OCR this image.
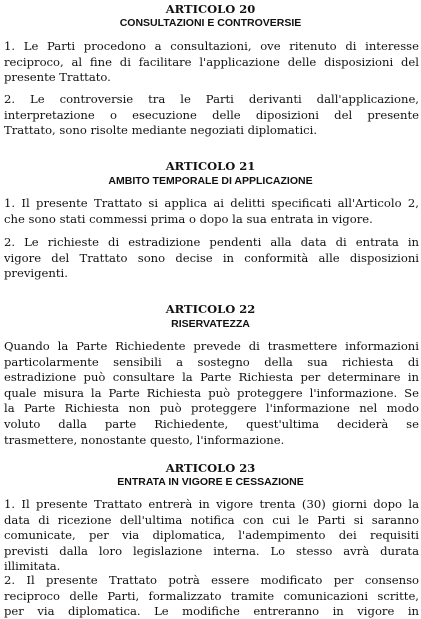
ARTICOLO 20
CONSULTAZIONI E CONTROVERSIE

1. Le Parti procedono a consultazioni, ove ritenuto di interesse
reciproco, al fine di facilitare l'applicazione delle disposizioni del
presente Trattato.

2. Le controversie tra le Parti derivanti dall'applicazione,
interpretazione o esecuzione delle diposizioni del presente
Trattato, sono risolte mediante negoziati diplomatici.

ARTICOLO 21
AMBITO TEMPORALE DI APPLICAZIONE

1. Il presente Trattato si applica ai delitti specificati all'Articolo 2,
che sono stati commessi prima o dopo la sua entrata in vigore.

2. Le richieste di estradizione pendenti alla data di entrata in
vigore del Trattato sono decise in conformità alle disposizioni
previgenti.

ARTICOLO 22
RISERVATEZZA

Quando la Parte Richiedente prevede di trasmettere informazioni
particolarmente sensibili a sostegno della sua richiesta di
estradizione può consultare la Parte Richiesta per determinare in
quale misura la Parte Richiesta può proteggere l'informazione. Se
la Parte Richiesta non può proteggere l'informazione nel modo
voluto dalla parte Richiedente, quest'ultima deciderà se
trasmettere, nonostante questo, l'informazione.

ARTICOLO 23
ENTRATA IN VIGORE E CESSAZIONE

1. Il presente Trattato entrerà in vigore trenta (30) giorni dopo la
data di ricezione dell'ultima notifica con cui le Parti si saranno
comunicate, per via diplomatica, l'adempimento dei requisiti
previsti dalla loro legislazione interna. Lo stesso avrà durata
illimitata.

2. Il presente Trattato potrà essere modificato per consenso
reciproco delle Parti, formalizzato tramite comunicazioni scritte,
per via diplomatica. Le modifiche entreranno in vigore in
